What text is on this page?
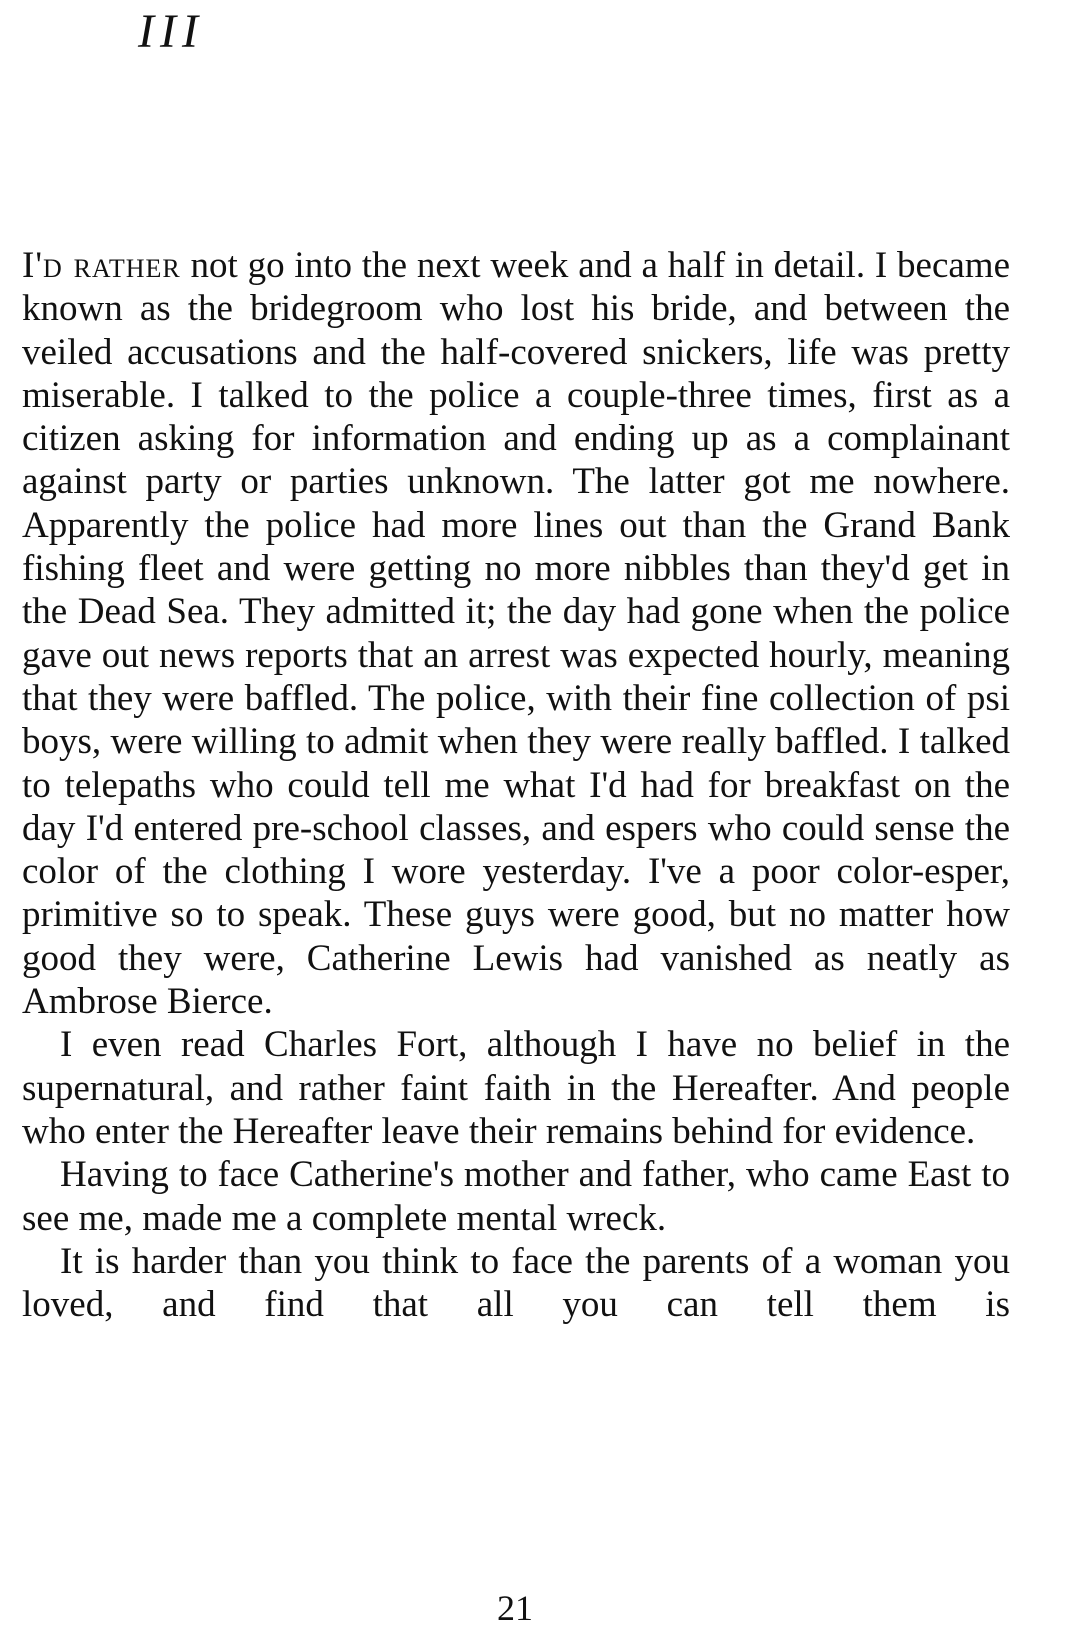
III

I'd rather not go into the next week and a half in detail. I became known as the bridegroom who lost his bride, and between the veiled accusations and the half-covered snickers, life was pretty miserable. I talked to the police a couple-three times, first as a citizen asking for information and ending up as a complainant against party or parties unknown. The latter got me nowhere. Apparently the police had more lines out than the Grand Bank fishing fleet and were getting no more nibbles than they'd get in the Dead Sea. They admitted it; the day had gone when the police gave out news reports that an arrest was expected hourly, meaning that they were baffled. The police, with their fine collection of psi boys, were willing to admit when they were really baffled. I talked to telepaths who could tell me what I'd had for breakfast on the day I'd entered pre-school classes, and espers who could sense the color of the clothing I wore yesterday. I've a poor color-esper, primitive so to speak. These guys were good, but no matter how good they were, Catherine Lewis had vanished as neatly as Ambrose Bierce.

I even read Charles Fort, although I have no belief in the supernatural, and rather faint faith in the Hereafter. And people who enter the Hereafter leave their remains behind for evidence.

Having to face Catherine's mother and father, who came East to see me, made me a complete mental wreck.

It is harder than you think to face the parents of a woman you loved, and find that all you can tell them is

21
